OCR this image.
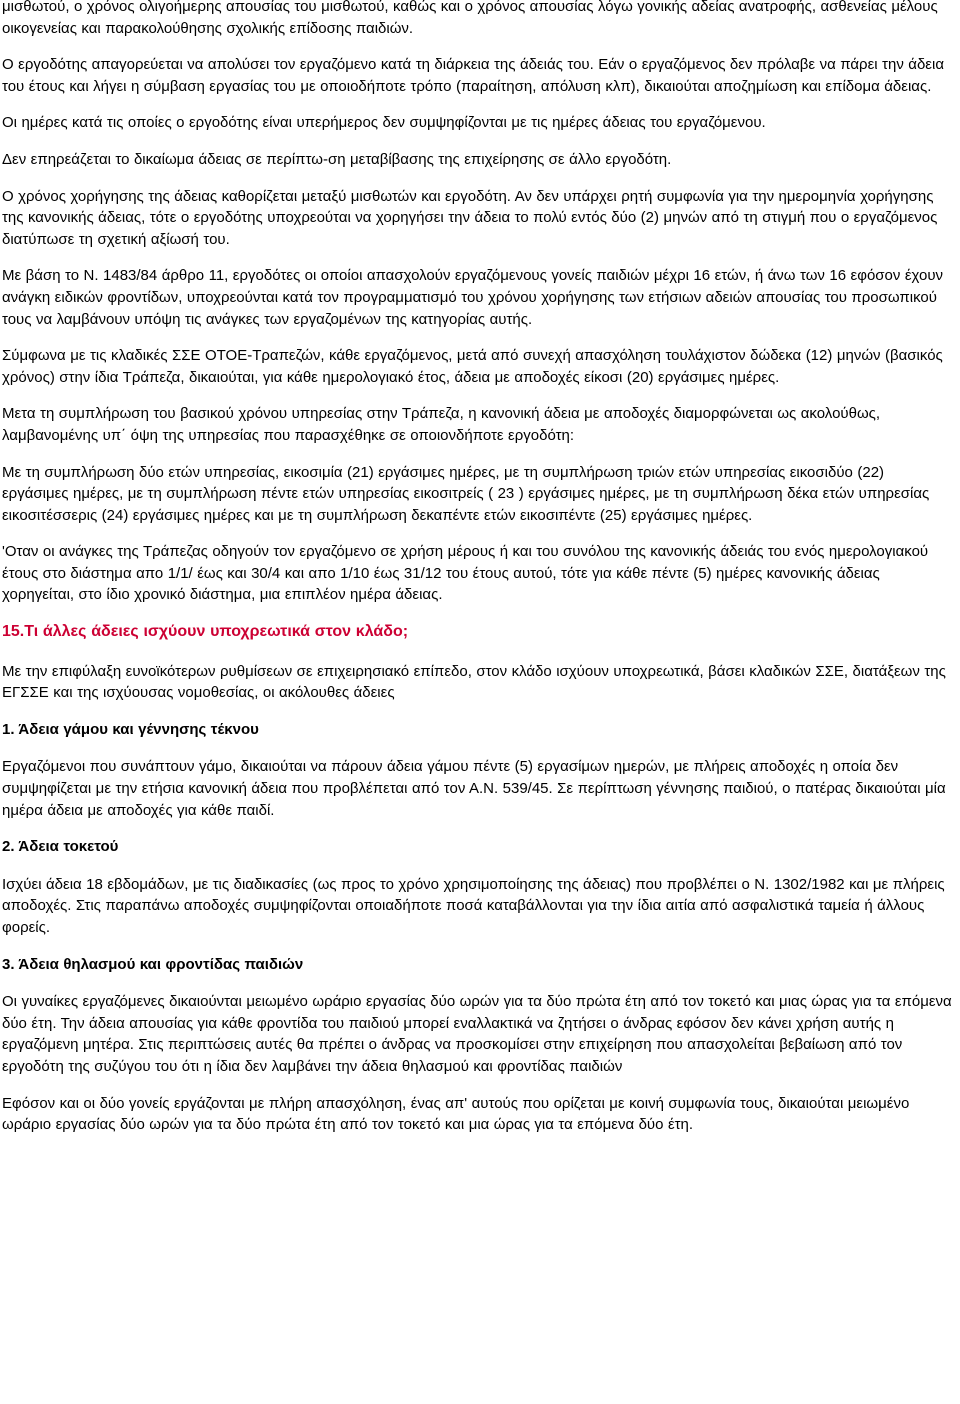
μισθωτού, ο χρόνος ολιγοήμερης απουσίας του μισθωτού, καθώς και ο χρόνος απουσίας λόγω γονικής αδείας ανατροφής, ασθενείας μέλους οικογενείας και παρακολούθησης σχολικής επίδοσης παιδιών.

Ο εργοδότης απαγορεύεται να απολύσει τον εργαζόμενο κατά τη διάρκεια της άδειάς του. Εάν ο εργαζόμενος δεν πρόλαβε να πάρει την άδεια του έτους και λήγει η σύμβαση εργασίας του με οποιοδήποτε τρόπο (παραίτηση, απόλυση κλπ), δικαιούται αποζημίωση και επίδομα άδειας.

Οι ημέρες κατά τις οποίες ο εργοδότης είναι υπερήμερος δεν συμψηφίζονται με τις ημέρες άδειας του εργαζόμενου.

Δεν επηρεάζεται το δικαίωμα άδειας σε περίπτω-ση μεταβίβασης της επιχείρησης σε άλλο εργοδότη.

Ο χρόνος χορήγησης της άδειας καθορίζεται μεταξύ μισθωτών και εργοδότη. Αν δεν υπάρχει ρητή συμφωνία για την ημερομηνία χορήγησης της κανονικής άδειας, τότε ο εργοδότης υποχρεούται να χορηγήσει την άδεια το πολύ εντός δύο (2) μηνών από τη στιγμή που ο εργαζόμενος διατύπωσε τη σχετική αξίωσή του.

Με βάση το Ν. 1483/84 άρθρο 11, εργοδότες οι οποίοι απασχολούν εργαζόμενους γονείς παιδιών μέχρι 16 ετών, ή άνω των 16 εφόσον έχουν ανάγκη ειδικών φροντίδων, υποχρεούνται κατά τον προγραμματισμό του χρόνου χορήγησης των ετήσιων αδειών απουσίας του προσωπικού τους να λαμβάνουν υπόψη τις ανάγκες των εργαζομένων της κατηγορίας αυτής.

Σύμφωνα με τις κλαδικές ΣΣΕ ΟΤΟΕ-Τραπεζών, κάθε εργαζόμενος, μετά από συνεχή απασχόληση τουλάχιστον δώδεκα (12) μηνών (βασικός χρόνος) στην ίδια Τράπεζα, δικαιούται, για κάθε ημερολογιακό έτος, άδεια με αποδοχές είκοσι (20) εργάσιμες ημέρες.

Μετα τη συμπλήρωση του βασικού χρόνου υπηρεσίας στην Τράπεζα, η κανονική άδεια με αποδοχές διαμορφώνεται ως ακολούθως, λαμβανομένης υπ΄ όψη της υπηρεσίας που παρασχέθηκε σε οποιονδήποτε εργοδότη:

Με τη συμπλήρωση δύο ετών υπηρεσίας, εικοσιμία (21) εργάσιμες ημέρες, με τη συμπλήρωση τριών ετών υπηρεσίας εικοσιδύο (22) εργάσιμες ημέρες, με τη συμπλήρωση πέντε ετών υπηρεσίας εικοσιτρείς ( 23 ) εργάσιμες ημέρες, με τη συμπλήρωση δέκα ετών υπηρεσίας εικοσιτέσσερις (24) εργάσιμες ημέρες και με τη συμπλήρωση δεκαπέντε ετών εικοσιπέντε (25) εργάσιμες ημέρες.

'Οταν οι ανάγκες της Τράπεζας οδηγούν τον εργαζόμενο σε χρήση μέρους ή και του συνόλου της κανονικής άδειάς του ενός ημερολογιακού έτους στο διάστημα απο 1/1/ έως και 30/4 και απο 1/10 έως 31/12 του έτους αυτού, τότε για κάθε πέντε (5) ημέρες κανονικής άδειας χορηγείται, στο ίδιο χρονικό διάστημα, μια επιπλέον ημέρα άδειας.

15.Τι άλλες άδειες ισχύουν υποχρεωτικά στον κλάδο;

Με την επιφύλαξη ευνοϊκότερων ρυθμίσεων σε επιχειρησιακό επίπεδο, στον κλάδο ισχύουν υποχρεωτικά, βάσει κλαδικών ΣΣΕ, διατάξεων της ΕΓΣΣΕ και της ισχύουσας νομοθεσίας, οι ακόλουθες άδειες

1. Άδεια γάμου και γέννησης τέκνου

Εργαζόμενοι που συνάπτουν γάμο, δικαιούται να πάρουν άδεια γάμου πέντε (5) εργασίμων ημερών, με πλήρεις αποδοχές η οποία δεν συμψηφίζεται με την ετήσια κανονική άδεια που προβλέπεται από τον Α.Ν. 539/45. Σε περίπτωση γέννησης παιδιού, ο πατέρας δικαιούται μία ημέρα άδεια με αποδοχές για κάθε παιδί.

2. Άδεια τοκετού

Ισχύει άδεια 18 εβδομάδων, με τις διαδικασίες (ως προς το χρόνο χρησιμοποίησης της άδειας) που προβλέπει ο Ν. 1302/1982 και με πλήρεις αποδοχές. Στις παραπάνω αποδοχές συμψηφίζονται οποιαδήποτε ποσά καταβάλλονται για την ίδια αιτία από ασφαλιστικά ταμεία ή άλλους φορείς.

3. Άδεια θηλασμού και φροντίδας παιδιών

Οι γυναίκες εργαζόμενες δικαιούνται μειωμένο ωράριο εργασίας δύο ωρών για τα δύο πρώτα έτη από τον τοκετό και μιας ώρας για τα επόμενα δύο έτη. Την άδεια απουσίας για κάθε φροντίδα του παιδιού μπορεί εναλλακτικά να ζητήσει ο άνδρας εφόσον δεν κάνει χρήση αυτής η εργαζόμενη μητέρα. Στις περιπτώσεις αυτές θα πρέπει ο άνδρας να προσκομίσει στην επιχείρηση που απασχολείται βεβαίωση από τον εργοδότη της συζύγου του ότι η ίδια δεν λαμβάνει την άδεια θηλασμού και φροντίδας παιδιών

Εφόσον και οι δύο γονείς εργάζονται με πλήρη απασχόληση, ένας απ' αυτούς που ορίζεται με κοινή συμφωνία τους, δικαιούται μειωμένο ωράριο εργασίας δύο ωρών για τα δύο πρώτα έτη από τον τοκετό και μια ώρας για τα επόμενα δύο έτη.
